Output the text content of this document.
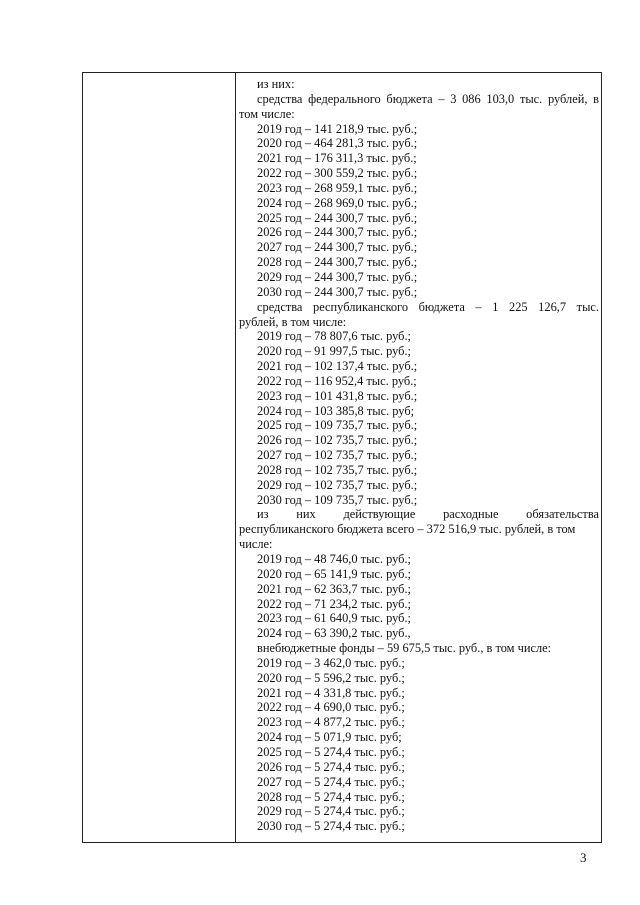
из них:
средства федерального бюджета – 3 086 103,0 тыс. рублей, в
том числе:
2019 год – 141 218,9 тыс. руб.;
2020 год – 464 281,3 тыс. руб.;
2021 год – 176 311,3 тыс. руб.;
2022 год – 300 559,2 тыс. руб.;
2023 год – 268 959,1 тыс. руб.;
2024 год – 268 969,0 тыс. руб.;
2025 год – 244 300,7 тыс. руб.;
2026 год – 244 300,7 тыс. руб.;
2027 год – 244 300,7 тыс. руб.;
2028 год – 244 300,7 тыс. руб.;
2029 год – 244 300,7 тыс. руб.;
2030 год – 244 300,7 тыс. руб.;
средства республиканского бюджета – 1 225 126,7 тыс.
рублей, в том числе:
2019 год – 78 807,6 тыс. руб.;
2020 год – 91 997,5 тыс. руб.;
2021 год – 102 137,4 тыс. руб.;
2022 год – 116 952,4 тыс. руб.;
2023 год – 101 431,8 тыс. руб.;
2024 год – 103 385,8 тыс. руб;
2025 год – 109 735,7 тыс. руб.;
2026 год – 102 735,7 тыс. руб.;
2027 год – 102 735,7 тыс. руб.;
2028 год – 102 735,7 тыс. руб.;
2029 год – 102 735,7 тыс. руб.;
2030 год – 109 735,7 тыс. руб.;
из них действующие расходные обязательства
республиканского бюджета всего – 372 516,9 тыс. рублей, в том
числе:
2019 год – 48 746,0 тыс. руб.;
2020 год – 65 141,9 тыс. руб.;
2021 год – 62 363,7 тыс. руб.;
2022 год – 71 234,2 тыс. руб.;
2023 год – 61 640,9 тыс. руб.;
2024 год – 63 390,2 тыс. руб.,
внебюджетные фонды – 59 675,5 тыс. руб., в том числе:
2019 год – 3 462,0 тыс. руб.;
2020 год – 5 596,2 тыс. руб.;
2021 год – 4 331,8 тыс. руб.;
2022 год – 4 690,0 тыс. руб.;
2023 год – 4 877,2 тыс. руб.;
2024 год – 5 071,9 тыс. руб;
2025 год – 5 274,4 тыс. руб.;
2026 год – 5 274,4 тыс. руб.;
2027 год – 5 274,4 тыс. руб.;
2028 год – 5 274,4 тыс. руб.;
2029 год – 5 274,4 тыс. руб.;
2030 год – 5 274,4 тыс. руб.;
3
